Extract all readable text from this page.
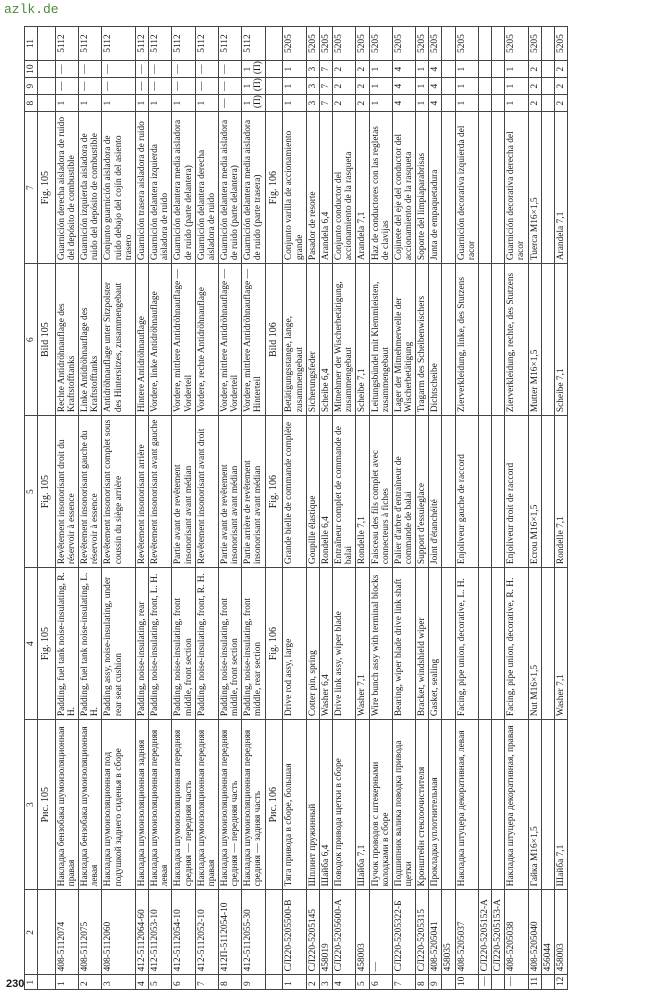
azlk.de
230 1	2	3	4	5	6	7	8	9	10	11
		Рис. 105	Fig. 105	Fig. 105	Bild 105	Fig. 105				
1	408-5112074	Накладка бензобака шумоизоляционная правая	Padding, fuel tank noise-insulating, R. H.	Revêtement insonorisant droit du réservoir à essence	Rechte Antidröhnauflage des Kraftstofftanks	Guarnición derecha aisladora de ruido del depósito de combustible	1	—	—	5112
2	408-5112075	Накладка бензобака шумоизоляционная левая	Padding, fuel tank noise-insulating, L. H.	Revêtement insonorisant gauche du réservoir à essence	Linke Antidröhnauflage des Kraftstofftanks	Guarnición izquierda aisladora de ruido del depósito de combustible	1	—	—	5112
3	408-5112060	Накладка шумоизоляционная под подушкой заднего сиденья в сборе	Padding assy, noise-insulating, under rear seat cushion	Revêtement insonorisant complet sous coussin du siège arrière	Antidröhnauflage unter Sitzpolster des Hintersitzes, zusammengebaut	Conjunto guarnición aisladora de ruido debajo del cojín del asiento trasero	1	—	—	5112
4	412-5112064-60	Накладка шумоизоляционная задняя	Padding, noise-insulating, rear	Revêtement insonorisant arrière	Hintere Antidröhnauflage	Guarnición trasera aisladora de ruido	1	—	—	5112
5	412-5112053-10	Накладка шумоизоляционная передняя левая	Padding, noise-insulating, front, L. H.	Revêtement insonorisant avant gauche	Vordere, linke Antidröhnauflage	Guarnición delantera izquierda aisladora de ruido	1	—	—	5112
6	412-5112054-10	Накладка шумоизоляционная передняя средняя — передняя часть	Padding, noise-insulating, front middle, front section	Partie avant de revêtement insonorisant avant médian	Vordere, mittlere Antidröhnauflage — Vorderteil	Guarnición delantera media aisladora de ruido (parte delantera)	1	—	—	5112
7	412-5112052-10	Накладка шумоизоляционная передняя правая	Padding, noise-insulating, front, R. H.	Revêtement insonorisant avant droit	Vordere, rechte Antidröhnauflage	Guarnición delantera derecha aisladora de ruido	1	—	—	5112
8	412П-5112054-10	Накладка шумоизоляционная передняя средняя — передняя часть	Padding, noise-insulating, front middle, front section	Partie avant de revêtement insonorisant avant médian	Vordere, mittlere Antidröhnauflage — Vorderteil	Guarnición delantera media aisladora de ruido (parte delantera)	—	—	—	5112
9	412-5112055-30	Накладка шумоизоляционная передняя средняя — задняя часть	Padding, noise-insulating, front middle, rear section	Partie arrière de revêtement insonorisant avant médian	Vordere, mittlere Antidröhnauflage — Hinterteil	Guarnición delantera media aisladora de ruido (parte trasera)	1 (П)	1 (П)	1 (П)	5112
		Рис. 106	Fig. 106	Fig. 106	Bild 106	Fig. 106				
1	СЛ220-5205500-В	Тяга привода в сборе, большая	Drive rod assy, large	Grande bielle de commande complète	Betätigungsstange, lange, zusammengebaut	Conjunto varilla de accionamiento grande	1	1	1	5205
2	СЛ220-5205145	Шплинт пружинный	Cotter pin, spring	Goupille élastique	Sicherungsfeder	Pasador de resorte	3	3	3	5205
3	458019	Шайба 6,4	Washer 6,4	Rondelle 6,4	Scheibe 6,4	Arandela 6,4	7	7	7	5205
4	СЛ220-5205600-А	Поводок привода щетки в сборе	Drive link assy, wiper blade	Entraîneur complet de commande de balai	Mitnehmer der Wischerbetätigung, zusammengebaut	Conjunto conductor del accionamiento de la rasqueta	2	2	2	5205
5	458003	Шайба 7,1	Washer 7,1	Rondelle 7,1	Scheibe 7,1	Arandela 7,1	2	2	2	5205
6	—	Пучок проводов с штекерными колодками в сборе	Wire bunch assy with terminal blocks	Faisceau des fils complet avec connecteurs à fiches	Leitungsbündel mit Klemmleisten, zusammengebaut	Haz de conductores con las regletas de clavijas	1	1	1	5205
7	СЛ220-5205322-Б	Подшипник валика поводка привода щетки	Bearing, wiper blade drive link shaft	Palier d'arbre d'entraîneur de commande de balai	Lager der Mitnehmerwelle der Wischerbetätigung	Cojinete del eje del conductor del accionamiento de la rasqueta	4	4	4	5205
8	СЛ220-5205315	Кронштейн стеклоочистителя	Bracket, windshield wiper	Support d'essuieglace	Tragarm des Scheibenwischers	Soporte del limpiaparabrisas	1	1	1	5205
9	408-5205041	Прокладка уплотнительная	Gasket, sealing	Joint d'étanchéité	Dichtscheibe	Junta de empaquetadura	4	4	4	5205
	458035									
10	408-5205037	Накладка штуцера декоративная, левая	Facing, pipe union, decorative, L. H.	Enjoliveur gauche de raccord	Zierverkleidung, linke, des Stutzens	Guarnición decorativa izquierda del racor	1	1	1	5205
—	СЛ220-5205152-А									
	СЛ220-5205153-А									
—	408-5205038	Накладка штуцера декоративная, правая	Facing, pipe union, decorative, R. H.	Enjoliveur droit de raccord	Zierverkleidung, rechte, des Stutzens	Guarnición decorativa derecha del racor	1	1	1	5205
11	408-5205040	Гайка М16×1,5	Nut M16×1,5	Ecrou M16×1,5	Mutter M16×1,5	Tuerca M16×1,5	2	2	2	5205
	456044									
12	458003	Шайба 7,1	Washer 7,1	Rondelle 7,1	Scheibe 7,1	Arandela 7,1	2	2	2	5205
